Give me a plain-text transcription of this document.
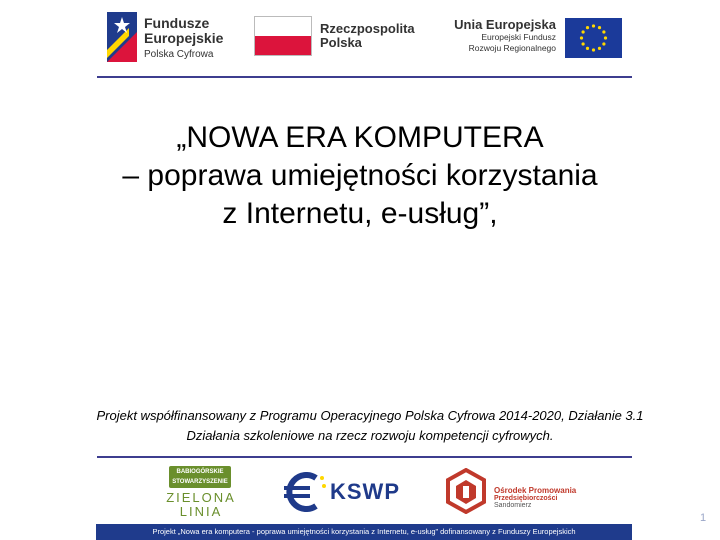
Fundusze
Europejskie
Polska Cyfrowa
Rzeczpospolita
Polska
Unia Europejska
Europejski Fundusz
Rozwoju Regionalnego
„NOWA ERA KOMPUTERA
– poprawa umiejętności korzystania
z Internetu, e-usług”,
Projekt współfinansowany z Programu Operacyjnego Polska Cyfrowa 2014-2020, Działanie 3.1
Działania szkoleniowe na rzecz rozwoju kompetencji cyfrowych.
BABIOGÓRSKIE
STOWARZYSZENIE
ZIELONA
LINIA
KSWP	Ośrodek Promowania
Przedsiębiorczości
Sandomierz
Projekt „Nowa era komputera - poprawa umiejętności korzystania z Internetu, e-usług” dofinansowany z Funduszy Europejskich
1
